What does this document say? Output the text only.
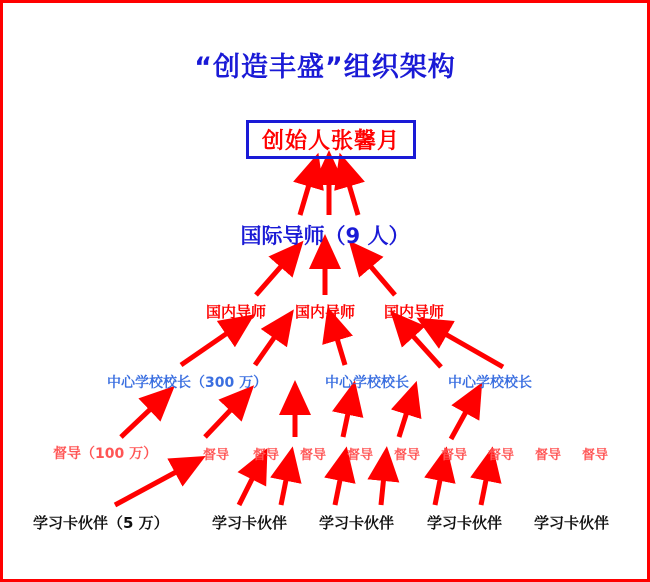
“创造丰盛”组织架构
创始人张馨月
国际导师（9 人）
国内导师 国内导师 国内导师
中心学校校长（300 万）	中心学校校长	中心学校校长
督导（100 万）	督导 督导 督导 督导 督导 督导 督导 督导 督导
学习卡伙伴（5 万）	学习卡伙伴 学习卡伙伴 学习卡伙伴 学习卡伙伴
